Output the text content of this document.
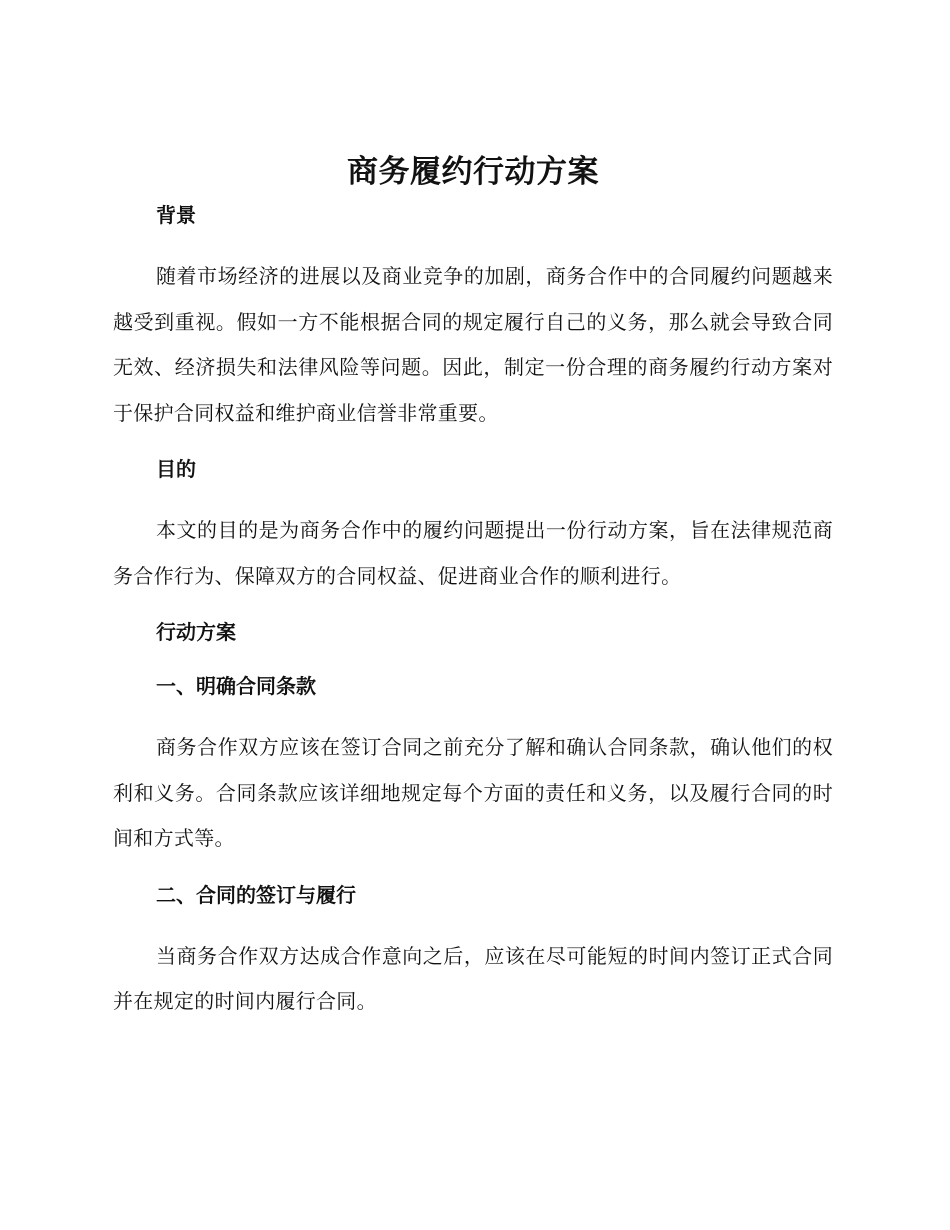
商务履约行动方案
背景

随着市场经济的进展以及商业竞争的加剧，商务合作中的合同履约问题越来越受到重视。假如一方不能根据合同的规定履行自己的义务，那么就会导致合同无效、经济损失和法律风险等问题。因此，制定一份合理的商务履约行动方案对于保护合同权益和维护商业信誉非常重要。

目的

本文的目的是为商务合作中的履约问题提出一份行动方案，旨在法律规范商务合作行为、保障双方的合同权益、促进商业合作的顺利进行。

行动方案
一、明确合同条款

商务合作双方应该在签订合同之前充分了解和确认合同条款，确认他们的权利和义务。合同条款应该详细地规定每个方面的责任和义务，以及履行合同的时间和方式等。

二、合同的签订与履行

当商务合作双方达成合作意向之后，应该在尽可能短的时间内签订正式合同并在规定的时间内履行合同。
